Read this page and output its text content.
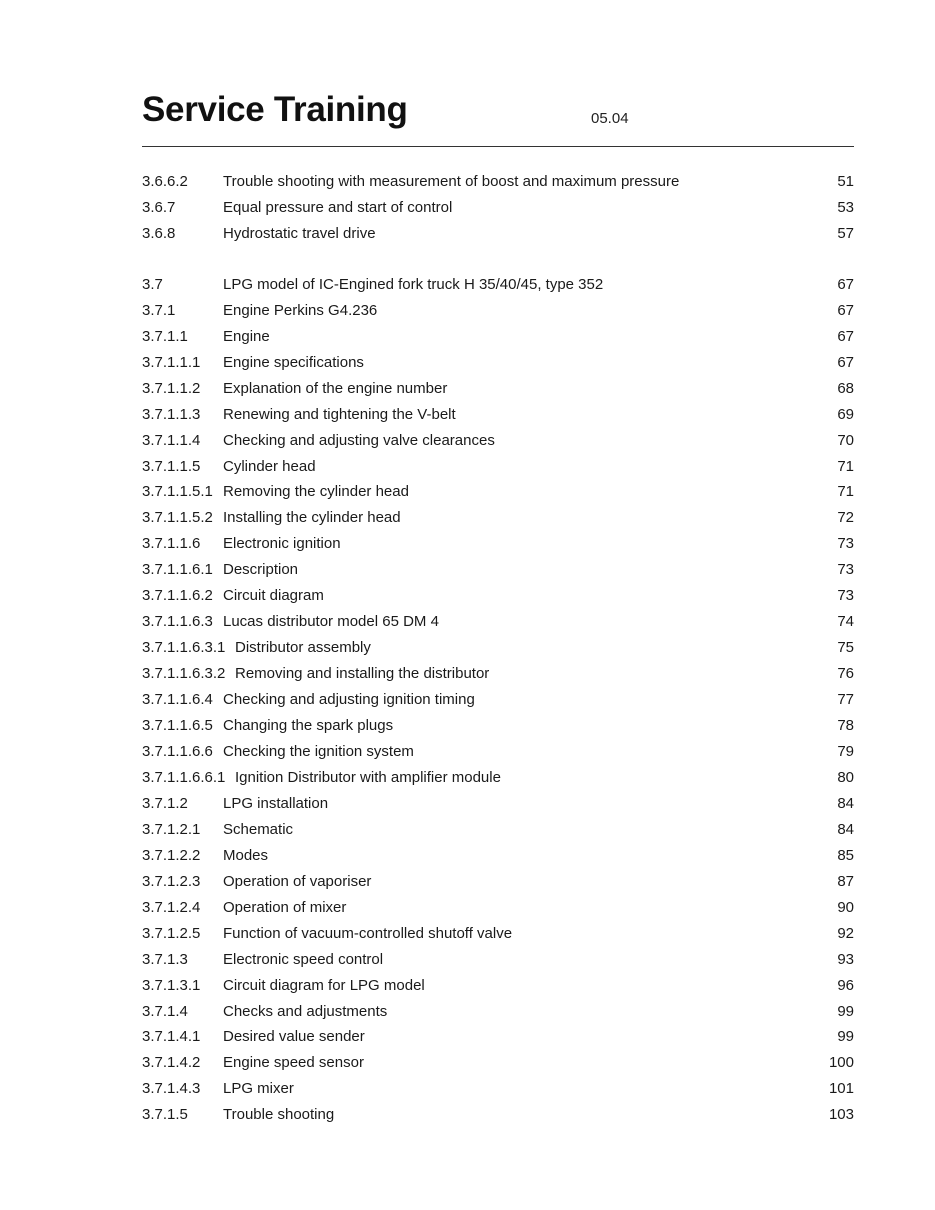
Service Training	05.04
3.6.6.2 Trouble shooting with measurement of boost and maximum pressure	51
3.6.7	Equal pressure and start of control	53
3.6.8	Hydrostatic travel drive	57
3.7	LPG model of IC-Engined fork truck H 35/40/45, type 352	67
3.7.1	Engine Perkins G4.236	67
3.7.1.1 Engine	67
3.7.1.1.1 Engine specifications	67
3.7.1.1.2 Explanation of the engine number	68
3.7.1.1.3 Renewing and tightening the V-belt	69
3.7.1.1.4 Checking and adjusting valve clearances	70
3.7.1.1.5 Cylinder head	71
3.7.1.1.5.1 Removing the cylinder head	71
3.7.1.1.5.2 Installing the cylinder head	72
3.7.1.1.6 Electronic ignition	73
3.7.1.1.6.1 Description	73
3.7.1.1.6.2 Circuit diagram	73
3.7.1.1.6.3 Lucas distributor model 65 DM 4	74
3.7.1.1.6.3.1 Distributor assembly	75
3.7.1.1.6.3.2 Removing and installing the distributor	76
3.7.1.1.6.4 Checking and adjusting ignition timing	77
3.7.1.1.6.5 Changing the spark plugs	78
3.7.1.1.6.6 Checking the ignition system	79
3.7.1.1.6.6.1 Ignition Distributor with amplifier module	80
3.7.1.2 LPG installation	84
3.7.1.2.1 Schematic	84
3.7.1.2.2 Modes	85
3.7.1.2.3 Operation of vaporiser	87
3.7.1.2.4 Operation of mixer	90
3.7.1.2.5 Function of vacuum-controlled shutoff valve	92
3.7.1.3 Electronic speed control	93
3.7.1.3.1 Circuit diagram for LPG model	96
3.7.1.4 Checks and adjustments	99
3.7.1.4.1 Desired value sender	99
3.7.1.4.2 Engine speed sensor	100
3.7.1.4.3 LPG mixer	101
3.7.1.5 Trouble shooting	103
